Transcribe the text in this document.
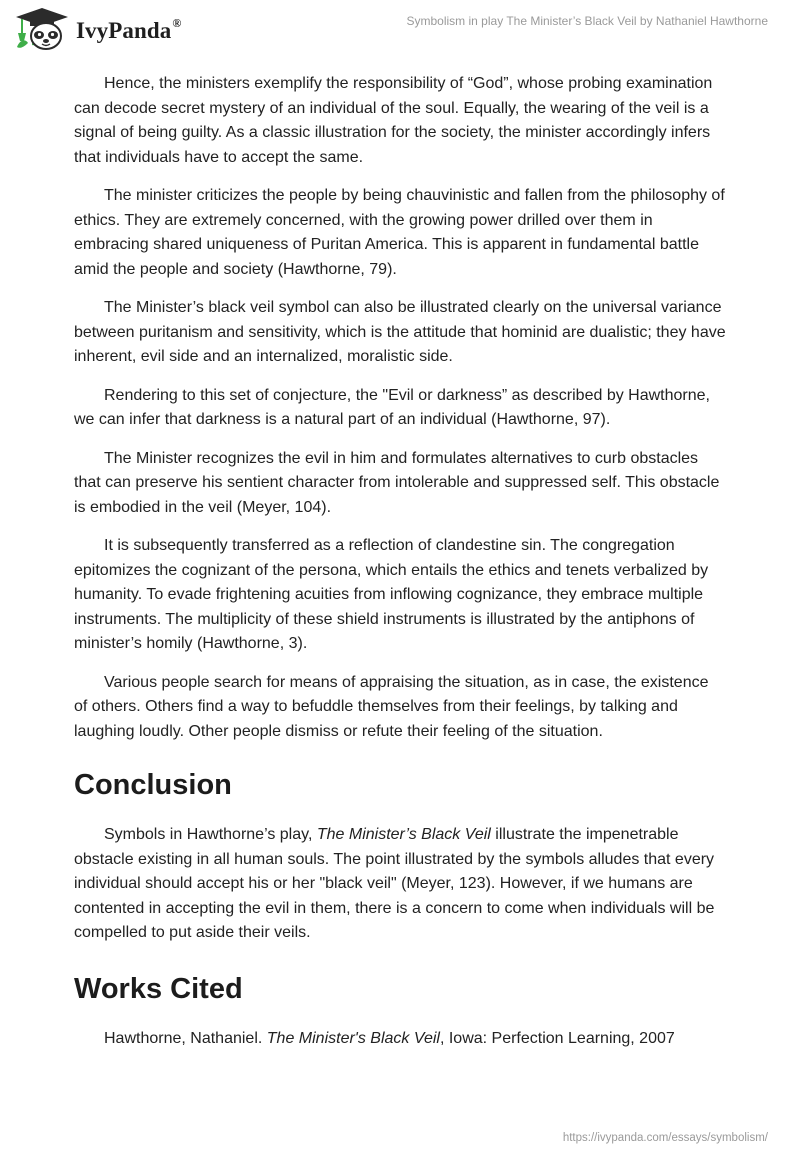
IvyPanda®	Symbolism in play The Minister’s Black Veil by Nathaniel Hawthorne

Hence, the ministers exemplify the responsibility of “God”, whose probing examination can decode secret mystery of an individual of the soul. Equally, the wearing of the veil is a signal of being guilty. As a classic illustration for the society, the minister accordingly infers that individuals have to accept the same.

The minister criticizes the people by being chauvinistic and fallen from the philosophy of ethics. They are extremely concerned, with the growing power drilled over them in embracing shared uniqueness of Puritan America. This is apparent in fundamental battle amid the people and society (Hawthorne, 79).

The Minister’s black veil symbol can also be illustrated clearly on the universal variance between puritanism and sensitivity, which is the attitude that hominid are dualistic; they have inherent, evil side and an internalized, moralistic side.

Rendering to this set of conjecture, the "Evil or darkness” as described by Hawthorne, we can infer that darkness is a natural part of an individual (Hawthorne, 97).

The Minister recognizes the evil in him and formulates alternatives to curb obstacles that can preserve his sentient character from intolerable and suppressed self. This obstacle is embodied in the veil (Meyer, 104).

It is subsequently transferred as a reflection of clandestine sin. The congregation epitomizes the cognizant of the persona, which entails the ethics and tenets verbalized by humanity. To evade frightening acuities from inflowing cognizance, they embrace multiple instruments. The multiplicity of these shield instruments is illustrated by the antiphons of minister’s homily (Hawthorne, 3).

Various people search for means of appraising the situation, as in case, the existence of others. Others find a way to befuddle themselves from their feelings, by talking and laughing loudly. Other people dismiss or refute their feeling of the situation.

Conclusion

Symbols in Hawthorne’s play, The Minister’s Black Veil illustrate the impenetrable obstacle existing in all human souls. The point illustrated by the symbols alludes that every individual should accept his or her "black veil" (Meyer, 123). However, if we humans are contented in accepting the evil in them, there is a concern to come when individuals will be compelled to put aside their veils.

Works Cited

Hawthorne, Nathaniel. The Minister's Black Veil, Iowa: Perfection Learning, 2007

https://ivypanda.com/essays/symbolism/
